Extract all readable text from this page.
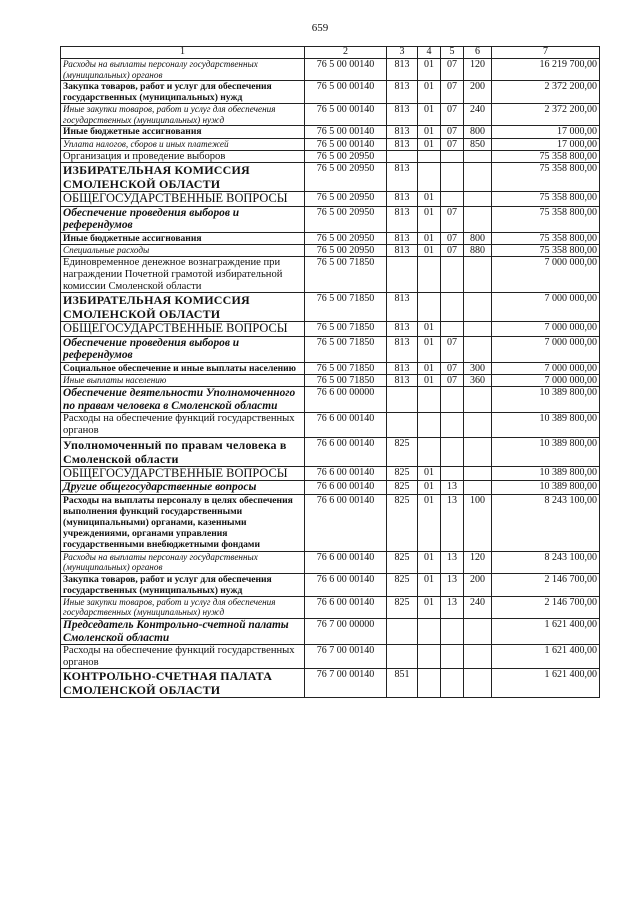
659
1	2	3	4	5	6	7
Расходы на выплаты персоналу государственных (муниципальных) органов	76 5 00 00140	813	01	07	120	16 219 700,00
Закупка товаров, работ и услуг для обеспечения государственных (муниципальных) нужд	76 5 00 00140	813	01	07	200	2 372 200,00
Иные закупки товаров, работ и услуг для обеспечения государственных (муниципальных) нужд	76 5 00 00140	813	01	07	240	2 372 200,00
Иные бюджетные ассигнования	76 5 00 00140	813	01	07	800	17 000,00
Уплата налогов, сборов и иных платежей	76 5 00 00140	813	01	07	850	17 000,00
Организация и проведение выборов	76 5 00 20950					75 358 800,00
ИЗБИРАТЕЛЬНАЯ КОМИССИЯ СМОЛЕНСКОЙ ОБЛАСТИ	76 5 00 20950	813				75 358 800,00
ОБЩЕГОСУДАРСТВЕННЫЕ ВОПРОСЫ	76 5 00 20950	813	01			75 358 800,00
Обеспечение проведения выборов и референдумов	76 5 00 20950	813	01	07		75 358 800,00
Иные бюджетные ассигнования	76 5 00 20950	813	01	07	800	75 358 800,00
Специальные расходы	76 5 00 20950	813	01	07	880	75 358 800,00
Единовременное денежное вознаграждение при награждении Почетной грамотой избирательной комиссии Смоленской области	76 5 00 71850					7 000 000,00
ИЗБИРАТЕЛЬНАЯ КОМИССИЯ СМОЛЕНСКОЙ ОБЛАСТИ	76 5 00 71850	813				7 000 000,00
ОБЩЕГОСУДАРСТВЕННЫЕ ВОПРОСЫ	76 5 00 71850	813	01			7 000 000,00
Обеспечение проведения выборов и референдумов	76 5 00 71850	813	01	07		7 000 000,00
Социальное обеспечение и иные выплаты населению	76 5 00 71850	813	01	07	300	7 000 000,00
Иные выплаты населению	76 5 00 71850	813	01	07	360	7 000 000,00
Обеспечение деятельности Уполномоченного по правам человека в Смоленской области	76 6 00 00000					10 389 800,00
Расходы на обеспечение функций государственных органов	76 6 00 00140					10 389 800,00
Уполномоченный по правам человека в Смоленской области	76 6 00 00140	825				10 389 800,00
ОБЩЕГОСУДАРСТВЕННЫЕ ВОПРОСЫ	76 6 00 00140	825	01			10 389 800,00
Другие общегосударственные вопросы	76 6 00 00140	825	01	13		10 389 800,00
Расходы на выплаты персоналу в целях обеспечения выполнения функций государственными (муниципальными) органами, казенными учреждениями, органами управления государственными внебюджетными фондами	76 6 00 00140	825	01	13	100	8 243 100,00
Расходы на выплаты персоналу государственных (муниципальных) органов	76 6 00 00140	825	01	13	120	8 243 100,00
Закупка товаров, работ и услуг для обеспечения государственных (муниципальных) нужд	76 6 00 00140	825	01	13	200	2 146 700,00
Иные закупки товаров, работ и услуг для обеспечения государственных (муниципальных) нужд	76 6 00 00140	825	01	13	240	2 146 700,00
Председатель Контрольно-счетной палаты Смоленской области	76 7 00 00000					1 621 400,00
Расходы на обеспечение функций государственных органов	76 7 00 00140					1 621 400,00
КОНТРОЛЬНО-СЧЕТНАЯ ПАЛАТА СМОЛЕНСКОЙ ОБЛАСТИ	76 7 00 00140	851				1 621 400,00
